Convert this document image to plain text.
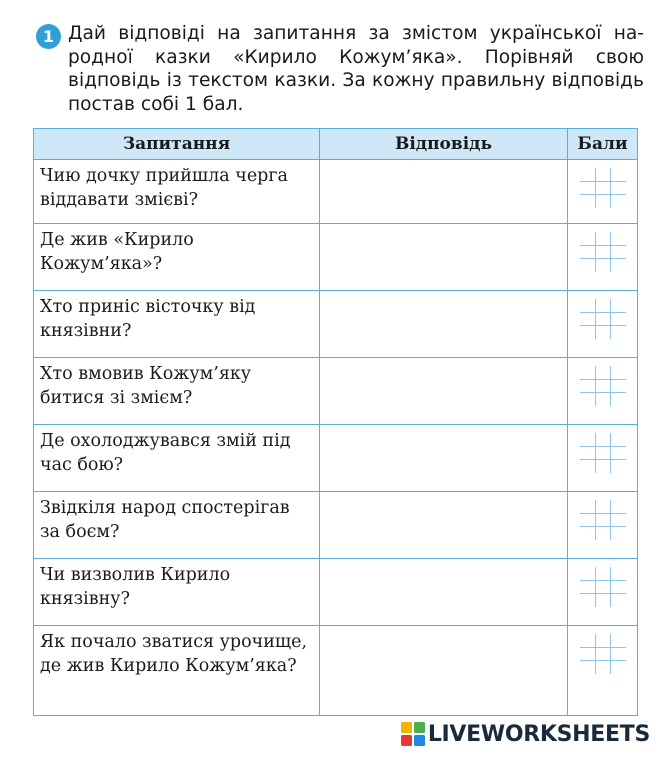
1 Дай відповіді на запитання за змістом української народної казки «Кирило Кожум’яка». Порівняй свою відповідь із текстом казки. За кожну правильну відповідь постав собі 1 бал.

Запитання	Відповідь	Бали
Чию дочку прийшла черга віддавати змієві?		

Де жив «Кирило Кожум’яка»?		

Хто приніс вісточку від князівни?		

Хто вмовив Кожум’яку битися зі змієм?		

Де охолоджувався змій під час бою?		

Звідкіля народ спостерігав за боєм?		

Чи визволив Кирило князівну?		

Як почало зватися урочище, де жив Кирило Кожум’яка?		
LIVEWORKSHEETS
